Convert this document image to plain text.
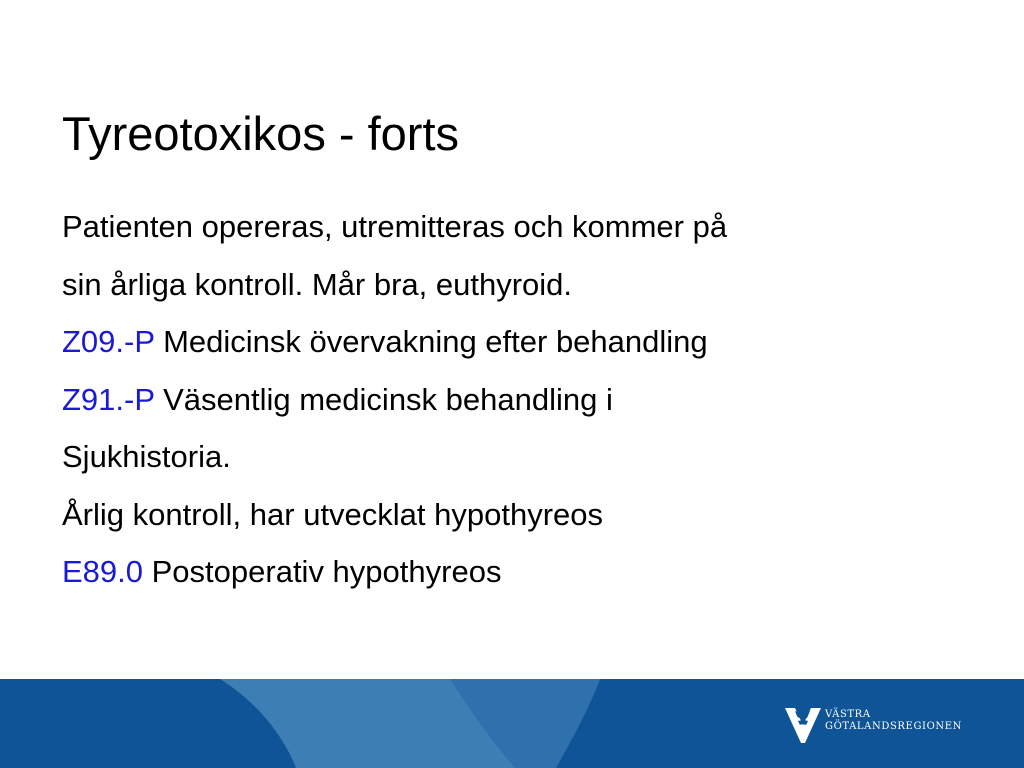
Tyreotoxikos - forts
Patienten opereras, utremitteras och kommer på
sin årliga kontroll. Mår bra, euthyroid.
Z09.-P Medicinsk övervakning efter behandling
Z91.-P Väsentlig medicinsk behandling i
Sjukhistoria.
Årlig kontroll, har utvecklat hypothyreos
E89.0 Postoperativ hypothyreos
VÄSTRA
GÖTALANDSREGIONEN
